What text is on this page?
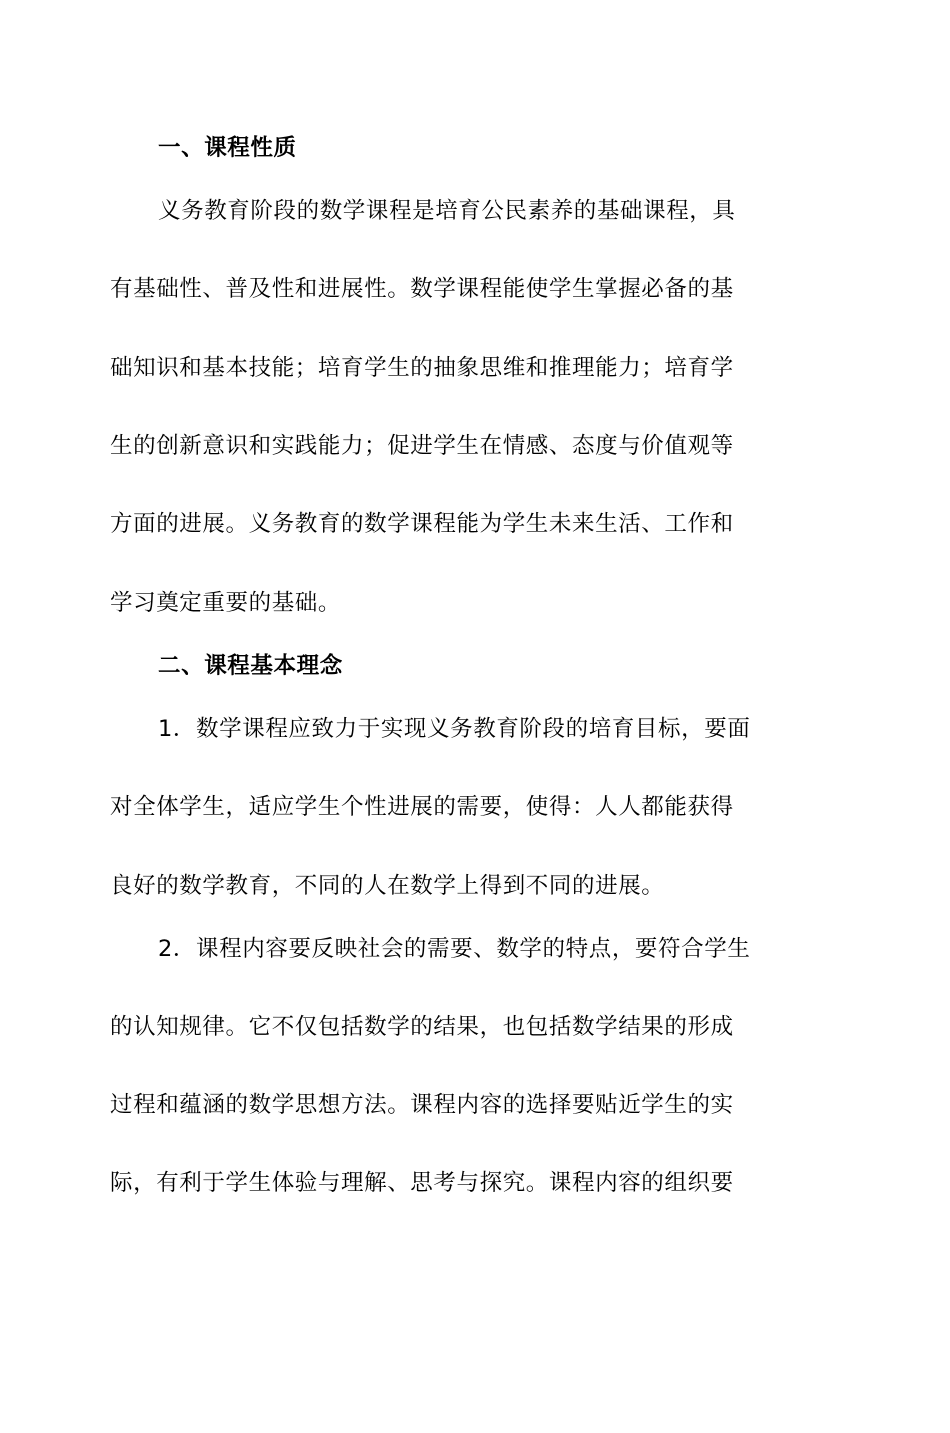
一、课程性质
义务教育阶段的数学课程是培育公民素养的基础课程，具
有基础性、普及性和进展性。数学课程能使学生掌握必备的基
础知识和基本技能；培育学生的抽象思维和推理能力；培育学
生的创新意识和实践能力；促进学生在情感、态度与价值观等
方面的进展。义务教育的数学课程能为学生未来生活、工作和
学习奠定重要的基础。
二、课程基本理念
1．数学课程应致力于实现义务教育阶段的培育目标，要面
对全体学生，适应学生个性进展的需要，使得：人人都能获得
良好的数学教育，不同的人在数学上得到不同的进展。
2．课程内容要反映社会的需要、数学的特点，要符合学生
的认知规律。它不仅包括数学的结果，也包括数学结果的形成
过程和蕴涵的数学思想方法。课程内容的选择要贴近学生的实
际，有利于学生体验与理解、思考与探究。课程内容的组织要
